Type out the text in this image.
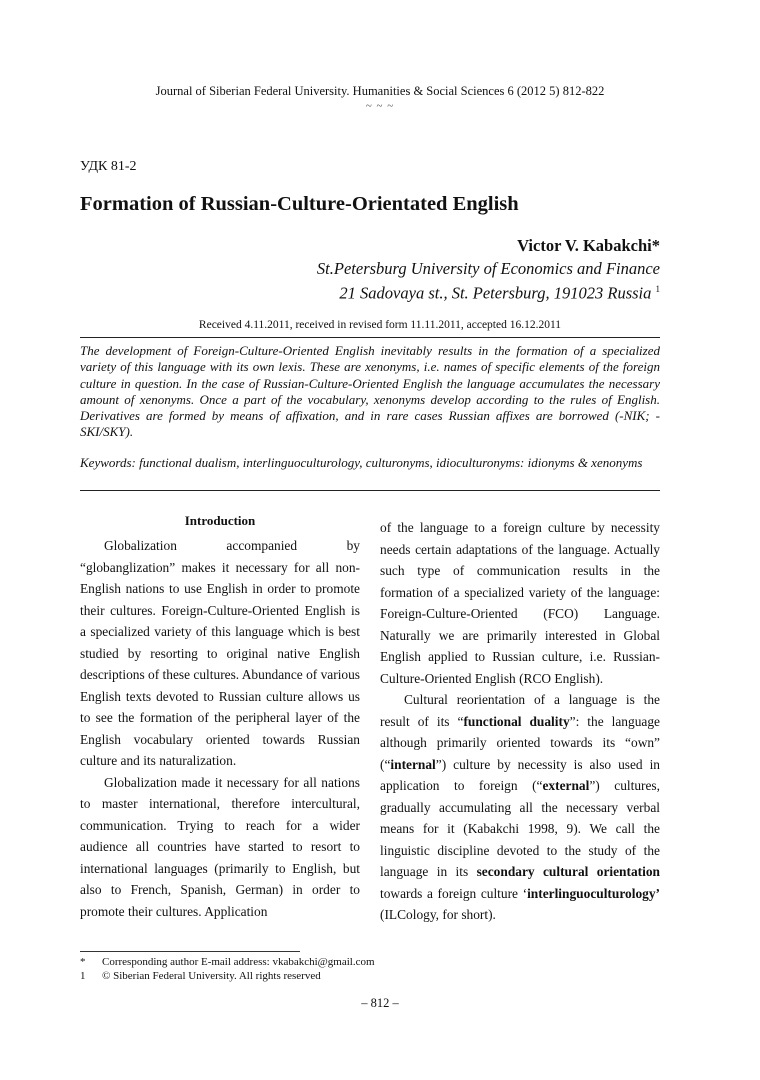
Journal of Siberian Federal University. Humanities & Social Sciences 6 (2012 5) 812-822
~ ~ ~
УДК 81-2
Formation of Russian-Culture-Orientated English
Victor V. Kabakchi*
St.Petersburg University of Economics and Finance
21 Sadovaya st., St. Petersburg, 191023 Russia $^1$
Received 4.11.2011, received in revised form 11.11.2011, accepted 16.12.2011
The development of Foreign-Culture-Oriented English inevitably results in the formation of a specialized variety of this language with its own lexis. These are xenonyms, i.e. names of specific elements of the foreign culture in question. In the case of Russian-Culture-Oriented English the language accumulates the necessary amount of xenonyms. Once a part of the vocabulary, xenonyms develop according to the rules of English. Derivatives are formed by means of affixation, and in rare cases Russian affixes are borrowed (-NIK; -SKI/SKY).
Keywords: functional dualism, interlinguoculturology, culturonyms, idioculturonyms: idionyms & xenonyms
Introduction

Globalization accompanied by “globanglization” makes it necessary for all non-English nations to use English in order to promote their cultures. Foreign-Culture-Oriented English is a specialized variety of this language which is best studied by resorting to original native English descriptions of these cultures. Abundance of various English texts devoted to Russian culture allows us to see the formation of the peripheral layer of the English vocabulary oriented towards Russian culture and its naturalization.

Globalization made it necessary for all nations to master international, therefore intercultural, communication. Trying to reach for a wider audience all countries have started to resort to international languages (primarily to English, but also to French, Spanish, German) in order to promote their cultures. Application

of the language to a foreign culture by necessity needs certain adaptations of the language. Actually such type of communication results in the formation of a specialized variety of the language: Foreign-Culture-Oriented (FCO) Language. Naturally we are primarily interested in Global English applied to Russian culture, i.e. Russian-Culture-Oriented English (RCO English).

Cultural reorientation of a language is the result of its “functional duality”: the language although primarily oriented towards its “own” (“internal”) culture by necessity is also used in application to foreign (“external”) cultures, gradually accumulating all the necessary verbal means for it (Kabakchi 1998, 9). We call the linguistic discipline devoted to the study of the language in its secondary cultural orientation towards a foreign culture ‘interlinguoculturology’ (ILCology, for short).

* Corresponding author E-mail address: vkabakchi@gmail.com
1 © Siberian Federal University. All rights reserved
– 812 –
